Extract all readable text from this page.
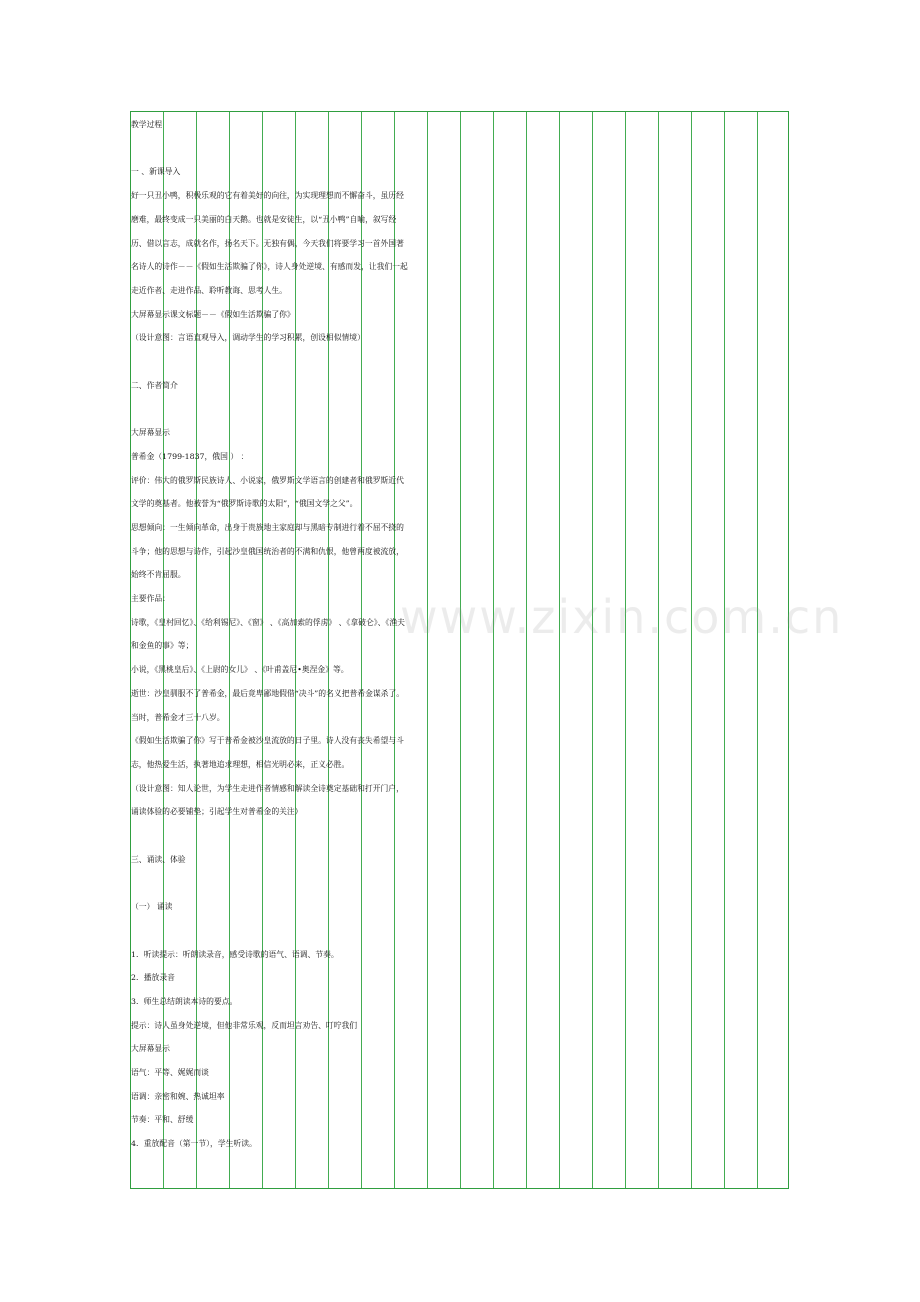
教学过程
一 、新课导入
好一只丑小鸭，积极乐观的它有着美好的向往，为实现理想而不懈奋斗，虽历经
磨难，最终变成一只美丽的白天鹅。也就是安徒生，以“丑小鸭”自喻，叙写经
历、借以言志，成就名作，扬名天下。无独有偶，今天我们将要学习一首外国著
名诗人的诗作－－《假如生活欺骗了你》，诗人身处逆境、有感而发，让我们一起
走近作者、走进作品、聆听教诲、思考人生。
大屏幕显示课文标题－－《假如生活欺骗了你》
（设计意图：言语直观导入，调动学生的学习积累，创设相似情境）
二、作者简介
大屏幕显示
普希金（1799-1837，俄国 ） ：
评价：伟大的俄罗斯民族诗人、小说家，俄罗斯文学语言的创建者和俄罗斯近代
文学的奠基者。他被誉为“俄罗斯诗歌的太阳”，“俄国文学之父”。
思想倾向：一生倾向革命，出身于贵族地主家庭却与黑暗专制进行着不屈不挠的
斗争；他的思想与诗作，引起沙皇俄国统治者的不满和仇恨，他曾两度被流放，
始终不肯屈服。
主要作品：
诗歌，《皇村回忆》、《给利锡尼》、《窗》 、《高加索的俘虏》 、《拿破仑》、《渔夫
和金鱼的事》等；
小说，《黑桃皇后》、《上尉的女儿》 、《叶甫盖尼•奥涅金》等。
逝世：沙皇驯服不了普希金，最后竟卑鄙地假借“决斗”的名义把普希金谋杀了。
当时，普希金才三十八岁。
《假如生活欺骗了你》写于普希金被沙皇流放的日子里。诗人没有丧失希望与斗
志，他热爱生活，执著地追求理想，相信光明必来，正义必胜。
（设计意图：知人论世，为学生走进作者情感和解读全诗奠定基础和打开门户，
诵读体验的必要铺垫；引起学生对普希金的关注）
三、诵读、体验
（一） 诵读
1．听读提示：听朗读录音，感受诗歌的语气、语调、节奏。
2．播放录音
3．师生总结朗读本诗的要点。
提示：诗人虽身处逆境，但他非常乐观，反而坦言劝告、叮咛我们
大屏幕显示
语气：平等、娓娓而谈
语调：亲密和婉、热诚坦率
节奏：平和、舒缓
4．重放配音（第一节），学生听读。
